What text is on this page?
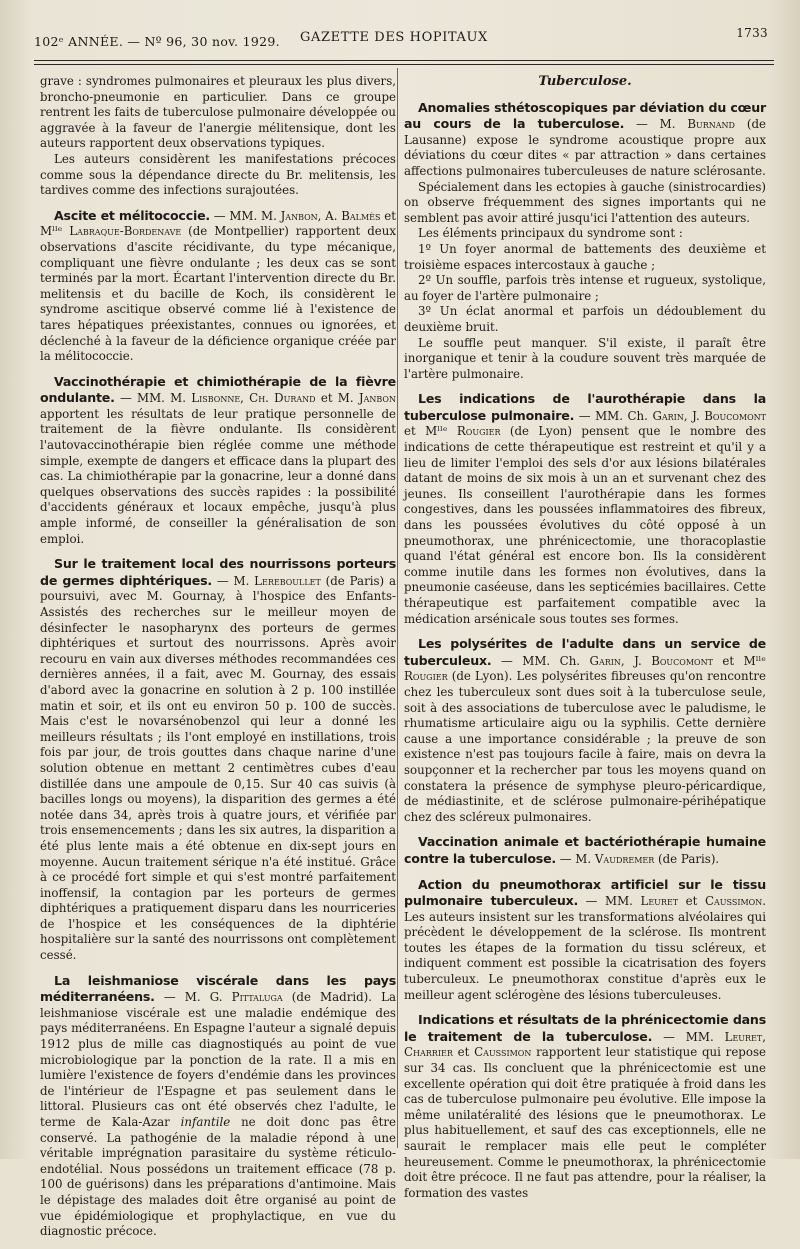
102ᵉ ANNÉE. — Nº 96, 30 nov. 1929. GAZETTE DES HOPITAUX	1733

grave : syndromes pulmonaires et pleuraux les plus divers, broncho-pneumonie en particulier. Dans ce groupe rentrent les faits de tuberculose pulmonaire développée ou aggravée à la faveur de l'anergie mélitensique, dont les auteurs rapportent deux observations typiques.

Les auteurs considèrent les manifestations précoces comme sous la dépendance directe du Br. melitensis, les tardives comme des infections surajoutées.

Ascite et mélitococcie. — MM. M. Janbon, A. Balmès et Mˡˡᵉ Labraque-Bordenave (de Montpellier) rapportent deux observations d'ascite récidivante, du type mécanique, compliquant une fièvre ondulante ; les deux cas se sont terminés par la mort. Écartant l'intervention directe du Br. melitensis et du bacille de Koch, ils considèrent le syndrome ascitique observé comme lié à l'existence de tares hépatiques préexistantes, connues ou ignorées, et déclenché à la faveur de la déficience organique créée par la mélitococcie.

Vaccinothérapie et chimiothérapie de la fièvre ondulante. — MM. M. Lisbonne, Ch. Durand et M. Janbon apportent les résultats de leur pratique personnelle de traitement de la fièvre ondulante. Ils considèrent l'autovaccinothérapie bien réglée comme une méthode simple, exempte de dangers et efficace dans la plupart des cas. La chimiothérapie par la gonacrine, leur a donné dans quelques observations des succès rapides : la possibilité d'accidents généraux et locaux empêche, jusqu'à plus ample informé, de conseiller la généralisation de son emploi.

Sur le traitement local des nourrissons porteurs de germes diphtériques. — M. Lereboullet (de Paris) a poursuivi, avec M. Gournay, à l'hospice des Enfants-Assistés des recherches sur le meilleur moyen de désinfecter le nasopharynx des porteurs de germes diphtériques et surtout des nourrissons. Après avoir recouru en vain aux diverses méthodes recommandées ces dernières années, il a fait, avec M. Gournay, des essais d'abord avec la gonacrine en solution à 2 p. 100 instillée matin et soir, et ils ont eu environ 50 p. 100 de succès. Mais c'est le novarsénobenzol qui leur a donné les meilleurs résultats ; ils l'ont employé en instillations, trois fois par jour, de trois gouttes dans chaque narine d'une solution obtenue en mettant 2 centimètres cubes d'eau distillée dans une ampoule de 0,15. Sur 40 cas suivis (à bacilles longs ou moyens), la disparition des germes a été notée dans 34, après trois à quatre jours, et vérifiée par trois ensemencements ; dans les six autres, la disparition a été plus lente mais a été obtenue en dix-sept jours en moyenne. Aucun traitement sérique n'a été institué. Grâce à ce procédé fort simple et qui s'est montré parfaitement inoffensif, la contagion par les porteurs de germes diphtériques a pratiquement disparu dans les nourriceries de l'hospice et les conséquences de la diphtérie hospitalière sur la santé des nourrissons ont complètement cessé.

La leishmaniose viscérale dans les pays méditerranéens. — M. G. Pittaluga (de Madrid). La leishmaniose viscérale est une maladie endémique des pays méditerranéens. En Espagne l'auteur a signalé depuis 1912 plus de mille cas diagnostiqués au point de vue microbiologique par la ponction de la rate. Il a mis en lumière l'existence de foyers d'endémie dans les provinces de l'intérieur de l'Espagne et pas seulement dans le littoral. Plusieurs cas ont été observés chez l'adulte, le terme de Kala-Azar infantile ne doit donc pas être conservé. La pathogénie de la maladie répond à une véritable imprégnation parasitaire du système réticulo-endotélial. Nous possédons un traitement efficace (78 p. 100 de guérisons) dans les préparations d'antimoine. Mais le dépistage des malades doit être organisé au point de vue épidémiologique et prophylactique, en vue du diagnostic précoce.

Tuberculose.

Anomalies sthétoscopiques par déviation du cœur au cours de la tuberculose. — M. Burnand (de Lausanne) expose le syndrome acoustique propre aux déviations du cœur dites « par attraction » dans certaines affections pulmonaires tuberculeuses de nature sclérosante.

Spécialement dans les ectopies à gauche (sinistrocardies) on observe fréquemment des signes importants qui ne semblent pas avoir attiré jusqu'ici l'attention des auteurs.

Les éléments principaux du syndrome sont :

1º Un foyer anormal de battements des deuxième et troisième espaces intercostaux à gauche ;

2º Un souffle, parfois très intense et rugueux, systolique, au foyer de l'artère pulmonaire ;

3º Un éclat anormal et parfois un dédoublement du deuxième bruit.

Le souffle peut manquer. S'il existe, il paraît être inorganique et tenir à la coudure souvent très marquée de l'artère pulmonaire.

Les indications de l'aurothérapie dans la tuberculose pulmonaire. — MM. Ch. Garin, J. Boucomont et Mˡˡᵉ Rougier (de Lyon) pensent que le nombre des indications de cette thérapeutique est restreint et qu'il y a lieu de limiter l'emploi des sels d'or aux lésions bilatérales datant de moins de six mois à un an et survenant chez des jeunes. Ils conseillent l'aurothérapie dans les formes congestives, dans les poussées inflammatoires des fibreux, dans les poussées évolutives du côté opposé à un pneumothorax, une phrénicectomie, une thoracoplastie quand l'état général est encore bon. Ils la considèrent comme inutile dans les formes non évolutives, dans la pneumonie caséeuse, dans les septicémies bacillaires. Cette thérapeutique est parfaitement compatible avec la médication arsénicale sous toutes ses formes.

Les polysérites de l'adulte dans un service de tuberculeux. — MM. Ch. Garin, J. Boucomont et Mˡˡᵉ Rougier (de Lyon). Les polysérites fibreuses qu'on rencontre chez les tuberculeux sont dues soit à la tuberculose seule, soit à des associations de tuberculose avec le paludisme, le rhumatisme articulaire aigu ou la syphilis. Cette dernière cause a une importance considérable ; la preuve de son existence n'est pas toujours facile à faire, mais on devra la soupçonner et la rechercher par tous les moyens quand on constatera la présence de symphyse pleuro-péricardique, de médiastinite, et de sclérose pulmonaire-périhépatique chez des scléreux pulmonaires.

Vaccination animale et bactériothérapie humaine contre la tuberculose. — M. Vaudremer (de Paris).

Action du pneumothorax artificiel sur le tissu pulmonaire tuberculeux. — MM. Leuret et Caussimon. Les auteurs insistent sur les transformations alvéolaires qui précèdent le développement de la sclérose. Ils montrent toutes les étapes de la formation du tissu scléreux, et indiquent comment est possible la cicatrisation des foyers tuberculeux. Le pneumothorax constitue d'après eux le meilleur agent sclérogène des lésions tuberculeuses.

Indications et résultats de la phrénicectomie dans le traitement de la tuberculose. — MM. Leuret, Charrier et Caussimon rapportent leur statistique qui repose sur 34 cas. Ils concluent que la phrénicectomie est une excellente opération qui doit être pratiquée à froid dans les cas de tuberculose pulmonaire peu évolutive. Elle impose la même unilatéralité des lésions que le pneumothorax. Le plus habituellement, et sauf des cas exceptionnels, elle ne saurait le remplacer mais elle peut le compléter heureusement. Comme le pneumothorax, la phrénicectomie doit être précoce. Il ne faut pas attendre, pour la réaliser, la formation des vastes
